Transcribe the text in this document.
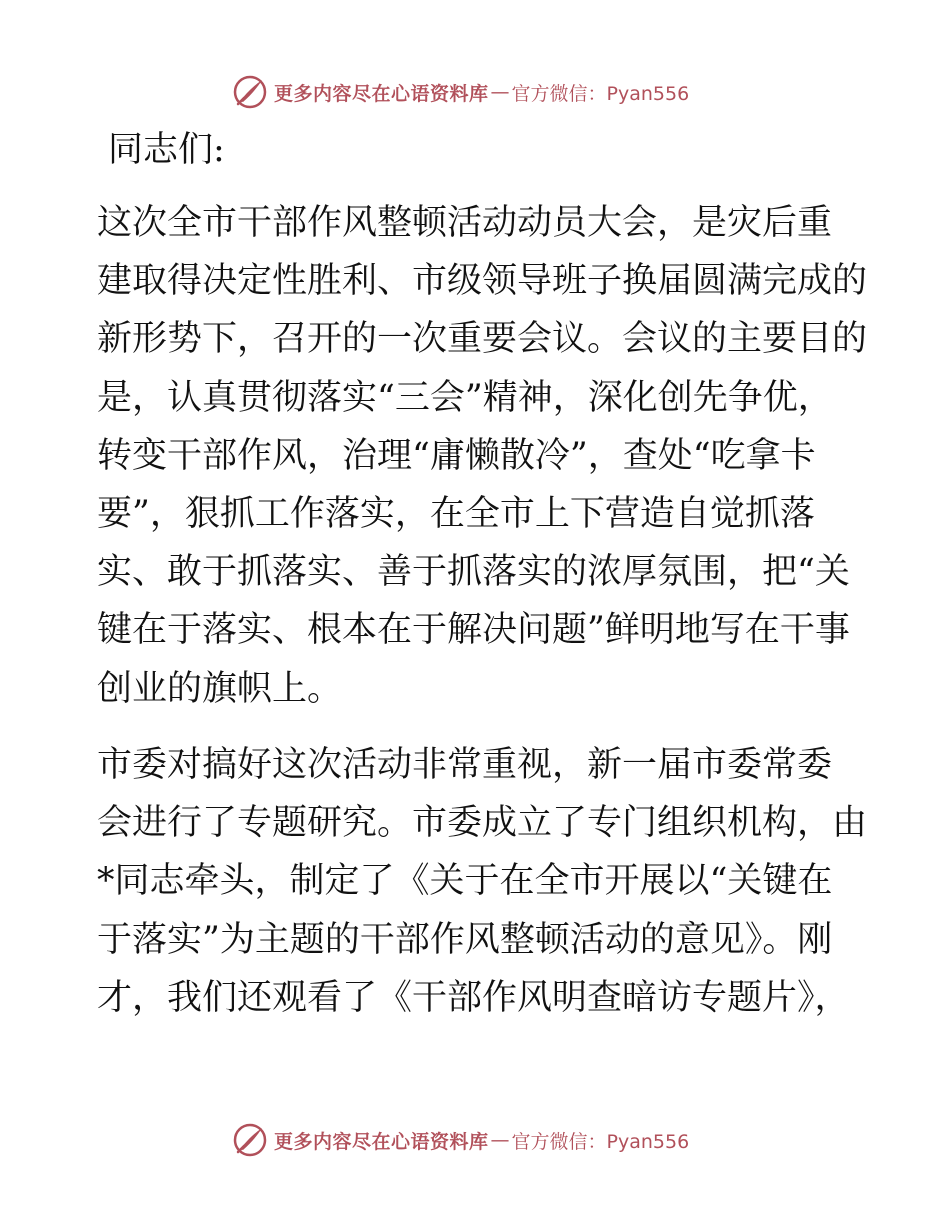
更多内容尽在心语资料库 — 官方微信：Pyan556

同志们:

这次全市干部作风整顿活动动员大会，是灾后重
建取得决定性胜利、市级领导班子换届圆满完成的
新形势下，召开的一次重要会议。会议的主要目的
是，认真贯彻落实“三会”精神，深化创先争优，
转变干部作风，治理“庸懒散冷”，查处“吃拿卡
要”，狠抓工作落实，在全市上下营造自觉抓落
实、敢于抓落实、善于抓落实的浓厚氛围，把“关
键在于落实、根本在于解决问题”鲜明地写在干事
创业的旗帜上。

市委对搞好这次活动非常重视，新一届市委常委
会进行了专题研究。市委成立了专门组织机构，由
*同志牵头，制定了《关于在全市开展以“关键在
于落实”为主题的干部作风整顿活动的意见》。刚
才，我们还观看了《干部作风明查暗访专题片》，

更多内容尽在心语资料库 — 官方微信：Pyan556
